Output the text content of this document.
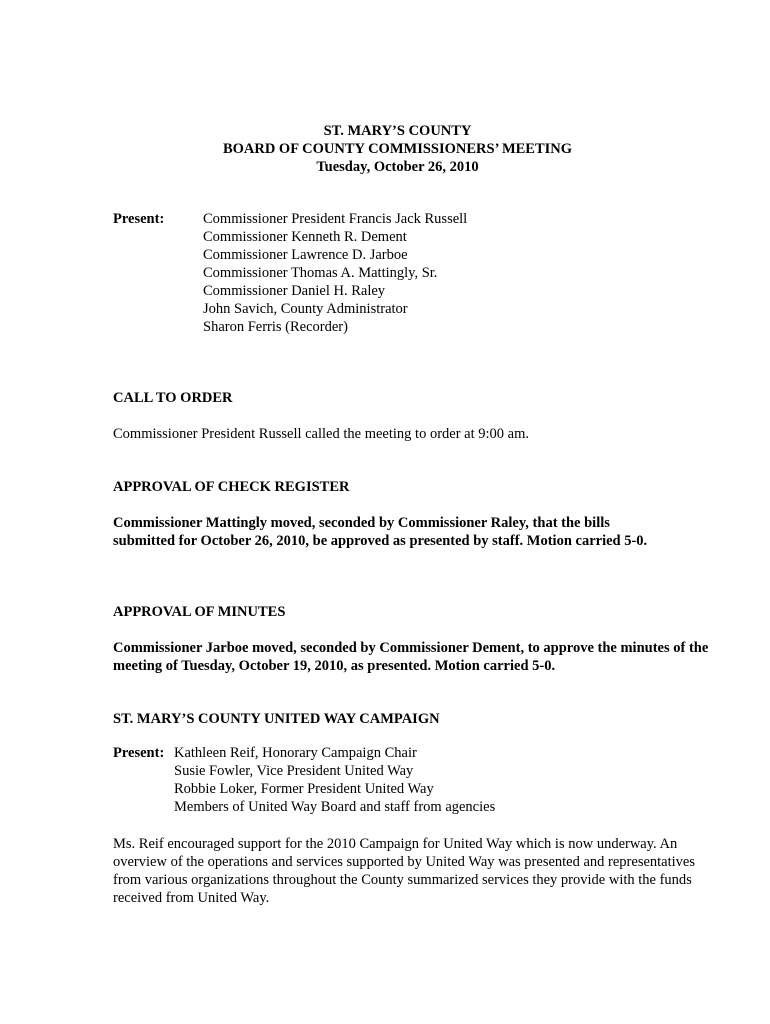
ST. MARY’S COUNTY
BOARD OF COUNTY COMMISSIONERS’ MEETING
Tuesday, October 26, 2010
Present:	Commissioner President Francis Jack Russell
Commissioner Kenneth R. Dement
Commissioner Lawrence D. Jarboe
Commissioner Thomas A. Mattingly, Sr.
Commissioner Daniel H. Raley
John Savich, County Administrator
Sharon Ferris (Recorder)
CALL TO ORDER
Commissioner President Russell called the meeting to order at 9:00 am.
APPROVAL OF CHECK REGISTER
Commissioner Mattingly moved, seconded by Commissioner Raley, that the bills submitted for October 26, 2010, be approved as presented by staff. Motion carried 5-0.
APPROVAL OF MINUTES
Commissioner Jarboe moved, seconded by Commissioner Dement, to approve the minutes of the meeting of Tuesday, October 19, 2010, as presented. Motion carried 5-0.
ST. MARY’S COUNTY UNITED WAY CAMPAIGN
Present: Kathleen Reif, Honorary Campaign Chair
Susie Fowler, Vice President United Way
Robbie Loker, Former President United Way
Members of United Way Board and staff from agencies
Ms. Reif encouraged support for the 2010 Campaign for United Way which is now underway. An overview of the operations and services supported by United Way was presented and representatives from various organizations throughout the County summarized services they provide with the funds received from United Way.
